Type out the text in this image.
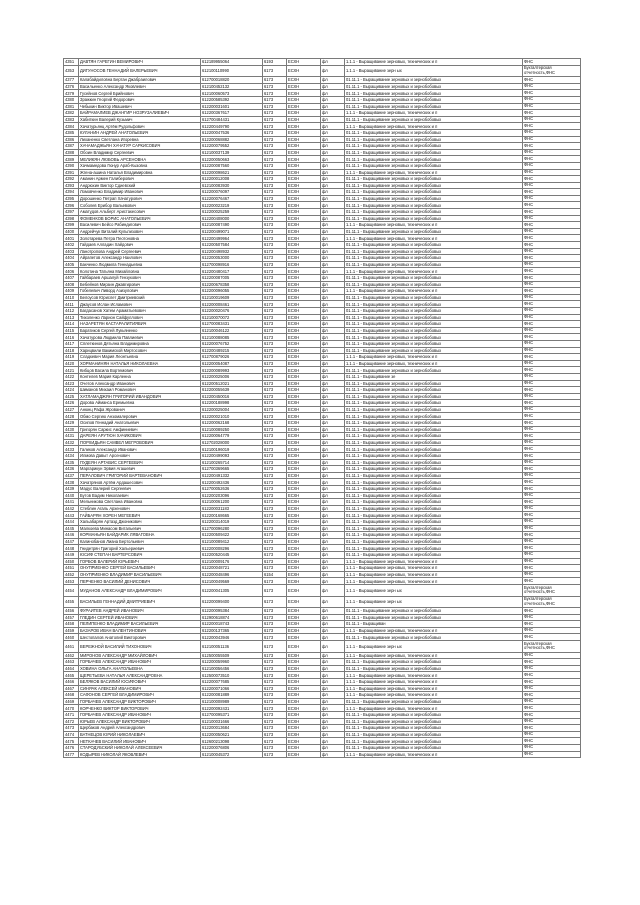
4351	ДАВТЯН ГАРЕГИН ВЕМИРОВИЧ	612189955064	6193	ЕСХН	фл	1.1.1 - Выращивание зерновых, технических и п	ФНС
4353	ДИГУНОСОВ ГЕННАДИЙ ВАЛЕРЬЕВИЧ	612100110990	6173	ЕСХН	фл	1.1.1 - Выращивание зерн ых	Бухгалтерская отчетность,ФНС
4377	Калабайдиловна Бертан Джабраилович	612700018820	6173	ЕСХН	фл	01.11.1 - Выращивание зерновых и зернобобовых	ФНС
4376	Васильенко Александр Яковлевич	612100452132	6173	ЕСХН	фл	01.11.1 - Выращивание зерновых и зернобобовых	ФНС
4379	Гусейнов Сергей Брийнович	612100060573	6173	ЕСХН	фл	01.11.1 - Выращивание зерновых и зернобобовых	ФНС
4380	Зражкин Георгий Федорович	612200585392	6173	ЕСХН	фл	01.11.1 - Выращивание зерновых и зернобобовых	ФНС
4381	Чебыкин Виктор Ивашевич	612200031601	6173	ЕСХН	фл	01.11.1 - Выращивание зерновых и зернобобовых	ФНС
4382	БАЙРАМАЛИЕВ ДЖАНГИР НОЗРУЗАЛИЕВИЧ	612200367617	6173	ЕСХН	фл	1.1.1 - Выращивание зерновых, технических и п	ФНС
4383	Хабиткин Валерий Кузьмич	612700484431	6173	ЕСХН	фл	01.11.1 - Выращивание зерновых и зернобобовых	ФНС
4384	Хачатурьянц Артём Рудольфович	612200449790	6173	ЕСХН	фл	1.1.1 - Выращивание зерновых, технических и п	ФНС
4385	КУЛАНИН АНДРЕЙ АНАТОЛЬЕВИЧ	612200047536	6173	ЕСХН	фл	01.11.1 - Выращивание зерновых и зернобобовых	ФНС
4386	Лиханенко Светлана Игоревна	612200068882	6173	ЕСХН	фл	01.11.1 - Выращивание зерновых и зернобобовых	ФНС
4387	ХАЧАМАДЖЬЯН ХАЧАТУР САРКИСОВИЧ	612200079552	6173	ЕСХН	фл	01.11.1 - Выращивание зерновых и зернобобовых	ФНС
4388	Обоин Владимир Сергеевич	612100037139	6173	ЕСХН	фл	01.11.1 - Выращивание зерновых и зернобобовых	ФНС
4389	МЕЛИКЯН ЛЮБОВЬ АРСЕНОВНА	612200050663	6173	ЕСХН	фл	01.11.1 - Выращивание зерновых и зернобобовых	ФНС
4390	Хачмамедова Гюнур Араб-Кызовна	612200087560	6173	ЕСХН	фл	01.11.1 - Выращивание зерновых и зернобобовых	ФНС
4391	Жгена-ашина Наталья Владимировна	612200098621	6173	ЕСХН	фл	1.1.1 - Выращивание зерновых, технических и п	ФНС
4392	Аманин Армен Галиберович	612200012008	6173	ЕСХН	фл	01.11.1 - Выращивание зерновых и зернобобовых	ФНС
4393	Андрюхин Виктор Сдиевский	612100083930	6173	ЕСХН	фл	01.11.1 - Выращивание зерновых и зернобобовых	ФНС
4394	Ломовченко Владимир Иванович	612200076097	6173	ЕСХН	фл	01.11.1 - Выращивание зерновых и зернобобовых	ФНС
4395	Дорошенко Петрап Хачатурович	612200076467	6173	ЕСХН	фл	01.11.1 - Выращивание зерновых и зернобобовых	ФНС
4396	Соболев Ерибор Вальевович	612200023219	6173	ЕСХН	фл	01.11.1 - Выращивание зерновых и зернобобовых	ФНС
4397	Аматудов Альберт Аристакесович	612200025259	6173	ЕСХН	фл	01.11.1 - Выращивание зерновых и зернобобовых	ФНС
4398	ФОМЕНКОВ БОРИС АНАТОЛЬЕВИЧ	612200408000	6173	ЕСХН	фл	01.11.1 - Выращивание зерновых и зернобобовых	ФНС
4399	Василевич Бейсо Рабиндигович	612100087490	6173	ЕСХН	фл	1.1.1 - Выращивание зерновых, технических и п	ФНС
4400	Андрейчук Виталий Кульпизович	612200499071	6173	ЕСХН	фл	01.11.1 - Выращивание зерновых и зернобобовых	ФНС
4401	Золотарева Петра Пеотоновна	612200499964	6173	ЕСХН	фл	1.1.1 - Выращивание зерновых, технических и п	ФНС
4402	Гайдаев Алладин Хайдович	612200507584	6173	ЕСХН	фл	01.11.1 - Выращивание зерновых и зернобобовых	ФНС
4403	Ланотропова Андрей Сергеевич	612200498932	6173	ЕСХН	фл	01.11.1 - Выращивание зерновых и зернобобовых	ФНС
4404	Айрапетов Александр Наилович	612200053000	6173	ЕСХН	фл	01.11.1 - Выращивание зерновых и зернобобовых	ФНС
4405	Бакченко Людмила Геннадьевна	612700098916	6173	ЕСХН	фл	01.11.1 - Выращивание зерновых и зернобобовых	ФНС
4406	Колотина Татьяна Михайловна	612200480417	6173	ЕСХН	фл	1.1.1 - Выращивание зерновых, технических и п	ФНС
4407	Гайбараев Аршалуй Гензукович	612200087005	6173	ЕСХН	фл	01.11.1 - Выращивание зерновых и зернобобовых	ФНС
4408	Бебейнов Мирзин Джавгирович	612200678358	6173	ЕСХН	фл	01.11.1 - Выращивание зерновых и зернобобовых	ФНС
4409	Гобелевич Ливорд Азизулович	612200096055	6173	ЕСХН	фл	1.1.1 - Выращивание зерновых, технических и п	ФНС
4410	Белоусов Юрислет Дмитриевский	612100019609	6173	ЕСХН	фл	01.11.1 - Выращивание зерновых и зернобобовых	ФНС
4411	Джаусов Ислан Исламович	612200008461	6173	ЕСХН	фл	01.11.1 - Выращивание зерновых и зернобобовых	ФНС
4412	Багдасанов Хатем Араматьевович	612200020476	6173	ЕСХН	фл	01.11.1 - Выращивание зерновых и зернобобовых	ФНС
4413	Тихоленко Ларион Сайфуллович	612100070072	6173	ЕСХН	фл	01.11.1 - Выращивание зерновых и зернобобовых	ФНС
4414	НАЗАРЕТЯН КАСТАРАЛИТИЯВИЧ	612700083431	6173	ЕСХН	фл	01.11.1 - Выращивание зерновых и зернобобовых	ФНС
4415	Баратиков Сергей Лукьяненко	612100046122	6173	ЕСХН	фл	01.11.1 - Выращивание зерновых и зернобобовых	ФНС
4416	Хачатурова Людмила Павлиевич	612100088085	6173	ЕСХН	фл	01.11.1 - Выращивание зерновых и зернобобовых	ФНС
4417	Сплеткинов Дятьяна Владимировна	612200076752	6173	ЕСХН	фл	01.11.1 - Выращивание зерновых и зернобобовых	ФНС
4418	Харицвили Вакимской Миртосович	612200489215	6173	ЕСХН	фл	01.11.1 - Выращивание зерновых и зернобобовых	ФНС
4419	Сладкевич Мария Леонтьевна	612700879026	6173	ЕСХН	фл	1.1.1 - Выращивание зерновых, технических и п	ФНС
4420	ХОРМАНИНЯН НАТАЛЬЯ НИКОЛАЕВНА	612200054087	6173	ЕСХН	фл	1.1.1 - Выращивание зерновых, технических и п	ФНС
4421	Кибцов Васила Вортемович	612200089993	6173	ЕСХН	фл	01.11.1 - Выращивание зерновых и зернобобовых	ФНС
4422	Контелев Мария Карленна	612200025006	6173	ЕСХН	фл	01.11.1 - Выращивание зе	ФНС
4423	Очетов Александр Иванович	612200512021	6173	ЕСХН	фл	01.11.1 - Выращивание зерновых и зернобобовых	ФНС
4424	Шиманов Михаил Романович	612200055639	6173	ЕСХН	фл	01.11.1 - Выращивание зерновых и зернобобовых	ФНС
4425	ХАТЛАМАДЖЯН ГРИГОРИЙ ИВАНДОВИЧ	612200450016	6173	ЕСХН	фл	01.11.1 - Выращивание зерновых и зернобобовых	ФНС
4426	Дорова Айманса Еремьевна	612200188998	6173	ЕСХН	фл	01.11.1 - Выращивание зерновых и зернобобовых	ФНС
4427	Анюнц Рафа Жрованич	612200025004	6173	ЕСХН	фл	01.11.1 - Выращивание зерновых и зернобобовых	ФНС
4428	Обмо Сергию Анзомалерович	612200021010	6173	ЕСХН	фл	01.11.1 - Выращивание зерновых и зернобобовых	ФНС
4429	Осипов Геннадий Анатольевич	612200062168	6173	ЕСХН	фл	01.11.1 - Выращивание зерновых и зернобобовых	ФНС
4430	Григорян Саркис Амфиниевич	612100089250	6173	ЕСХН	фл	01.11.1 - Выращивание зерновых и зернобобовых	ФНС
4431	ДАРЕЯН АРУТЮН ХАЧИКОВИЧ	612200064779	6173	ЕСХН	фл	01.11.1 - Выращивание зерновых и зернобобовых	ФНС
4432	ПОРХИДЬЯН САМВЕЛ МЕГРОВОВИЧ	612702028000	6173	ЕСХН	фл	01.11.1 - Выращивание зерновых и зернобобовых	ФНС
4433	Галиков Александр Иванович	612100196019	6173	ЕСХН	фл	01.11.1 - Выращивание зерновых и зернобобовых	ФНС
4434	Илмова Давыт Арсенович	612200499093	6173	ЕСХН	фл	01.11.1 - Выращивание зерновых и зернобобовых	ФНС
4435	ПУДЕЯН АРТАВИС СЕРГЕЕВИЧ	612100265714	6173	ЕСХН	фл	01.11.1 - Выращивание зерновых и зернобобовых	ФНС
4436	Маргарикун Эрвия Агашевич	612700369665	6173	ЕСХН	фл	01.11.1 - Выращивание зерновых и зернобобовых	ФНС
4437	ПЕРАЛОВИЧ ГРИГОРИЙ ВАРТЕВАНОВИЧ	612200491332	6173	ЕСХН	фл	01.11.1 - Выращивание зерновых и зернобобовых	ФНС
4438	Хачатрянов Артём Ардашесович	612200492436	6173	ЕСХН	фл	01.11.1 - Выращивание зерновых и зернобобовых	ФНС
4439	Мадус Валерий Сергеевич	612700052636	6173	ЕСХН	фл	01.11.1 - Выращивание зерновых и зернобобовых	ФНС
4440	Бутов Вадим Николаевич	612200203096	6173	ЕСХН	фл	01.11.1 - Выращивание зерновых и зернобобовых	ФНС
4441	Мельникова Светлана Ивановна	612100061200	6173	ЕСХН	фл	01.11.1 - Выращивание зерновых и зернобобовых	ФНС
4442	Стеблин Агаль Архенович	612200031183	6173	ЕСХН	фл	01.11.1 - Выращивание зерновых и зернобобовых	ФНС
4443	ГАЙБАРЯН ХОРЕН МЕГЕЕВИЧ	612200168665	6173	ЕСХН	фл	01.11.1 - Выращивание зерновых и зернобобовых	ФНС
4444	Хальабарян Артазд Джоникович	612200314019	6173	ЕСХН	фл	01.11.1 - Выращивание зерновых и зернобобовых	ФНС
4445	Малкоева Минасом Витальевич	612700096280	6173	ЕСХН	фл	01.11.1 - Выращивание зерновых и зернобобовых	ФНС
4446	КОРМАНЬЯН БАЙДАРИК ЛЯВАГОВНА	612200509422	6173	ЕСХН	фл	01.11.1 - Выращивание зерновых и зернобобовых	ФНС
4447	Калинобанов Лиана Бертольевич	612100089412	6173	ЕСХН	фл	01.11.1 - Выращивание зерновых и зернобобовых	ФНС
4448	Гнидетрян Григорий Хальериевич	612200008296	6173	ЕСХН	фл	01.11.1 - Выращивание зерновых и зернобобовых	ФНС
4449	ЮСИФ СТЕПАН ВАРТЕРСОВИЧ	612200520445	6173	ЕСХН	фл	01.11.1 - Выращивание зерновых и зернобобовых	ФНС
4450	ГОРБОВ ВАЛЕРИЙ ЮРЬЕВИЧ	612100009176	6173	ЕСХН	фл	1.1.1 - Выращивание зерновых, технических и п	ФНС
4451	ОНУПРИЕНКО СЕРГЕЙ ВАСИЛЬЕВИЧ	612200048721	6173	ЕСХН	фл	1.1.1 - Выращивание зерновых, технических и п	ФНС
4452	ОНУПРИЕНКО ВЛАДИМИР ВАСИЛЬЕВИЧ	612200048496	6154	ЕСХН	фл	1.1.1 - Выращивание зерновых, технических и п	ФНС
4453	ПЕРЧЕНКО ВАСИЛИЙ ДЕНИСОВИЧ	612100049569	6173	ЕСХН	фл	1.1.1 - Выращивание зерновых, технических и п	ФНС
4454	МУДАНОВ АЛЕКСАНДР ВЛАДИМИРОВИЧ	612200041305	6173	ЕСХН	фл	1.1.1 - Выращивание зерн ых	Бухгалтерская отчетность,ФНС
4455	ВАСИЛЬЕВ ГЕННАДИЙ ДМИТРИЕВИЧ	612200099400	6173	ЕСХН	фл	1.1.1 - Выращивание зерн ых	Бухгалтерская отчетность,ФНС
4456	ФУРАИТЕВ АНДРЕЙ ИВАНОВИЧ	612200095384	6173	ЕСХН	фл	01.11.1 - Выращивание зерновых и зернобобовых	ФНС
4457	ГЛЕДИН СЕРГЕЙ ИВАНОВИЧ	612900618874	6173	ЕСХН	фл	01.11.1 - Выращивание зерновых и зернобобовых	ФНС
4458	ПЕЛИПЕНКО ВЛАДИМИР ВАСИЛЬЕВИЧ	612200018743	6173	ЕСХН	фл	01.11.1 - Выращиван	ФНС
4459	БАЗАРОВ ИВАН ВАЛЕНТИНОВИЧ	612200137365	6173	ЕСХН	фл	1.1.1 - Выращивание зерновых, технических и п	ФНС
4460	Шестопалов Анатолий Викторович	612200043946	6173	ЕСХН	фл	01.11.1 - Выращивание зерновых и зернобобовых	ФНС
4461	ВЕРЕЖНОЙ ВАСИЛИЙ ТИХОНОВИЧ	612100051136	6173	ЕСХН	фл	1.1.1 - Выращивание зерн ых	Бухгалтерская отчетность,ФНС
4462	МИРОНОВ АЛЕКСАНДР МИХАЙЛОВИЧ	612500055509	6173	ЕСХН	фл	1.1.1 - Выращивание зерновых, технических и п	ФНС
4463	ГОРБАЧЕВ АЛЕКСАНДР ИВАНОВИЧ	612200059960	6173	ЕСХН	фл	01.11.1 - Выращивание зерновых и зернобобовых	ФНС
4464	ХОВИНА ОЛЬГА АНАТОЛЬЕВНА	612100056456	6173	ЕСХН	фл	01.11.1 - Выращивание зерновых и зернобобовых	ФНС
4465	ЩЕРЕТЬЕВА НАТАЛЬЯ АЛЕКСАНДРОВНА	612500073510	6173	ЕСХН	фл	1.1.1 - Выращивание зерновых, технических и п	ФНС
4466	БЕЛЯКОВ ВАСИЛИЙ ЮСИФОВИЧ	612200077685	6173	ЕСХН	фл	1.1.1 - Выращивание зерновых, технических и п	ФНС
4467	СИНЯЧК АЛЕКСЕЙ ИВАНОВИЧ	612200071066	6173	ЕСХН	фл	1.1.1 - Выращивание зерновых, технических и п	ФНС
4468	САФОНОВ СЕРГЕЙ ВЛАДИМИРОВИЧ	612200081889	6173	ЕСХН	фл	1.1.1 - Выращивание зерновых, технических и п	ФНС
4469	ГОРБАЧЕВ АЛЕКСАНДР ВИКТОРОВИЧ	612100008989	6173	ЕСХН	фл	01.11.1 - Выращивание зерновых и зернобобовых	ФНС
4470	КОРЧЕНКО ВИКТОР ВИКТОРОВИЧ	612200092431	6173	ЕСХН	фл	1.1.1 - Выращивание зерновых, технических и п	ФНС
4471	ГОРБАЧЕВ АЛЕКСАНДР ИВАНОВИЧ	612700095371	6173	ЕСХН	фл	01.11.1 - Выращивание зерновых и зернобобовых	ФНС
4472	ЮРЬЕВ АЛЕКСАНДР ВИКТОРОВИЧ	612100031666	6173	ЕСХН	фл	01.11.1 - Выращивание зерновых и зернобобовых	ФНС
4473	Щербаков Андрей Александрович	612200013684	6173	ЕСХН	фл	01.11.1 - Выращивание зерновых и зернобобовых	ФНС
4474	ВАТНЕЦОВ ЮРИЙ НИКОЛАЕВИЧ	612200050621	6173	ЕСХН	фл	01.11.1 - Выращивание зерновых и зернобобовых	ФНС
4475	НЕТКАЧЕВ ВАСИЛИЙ ИВАНОВИЧ	612600213098	6173	ЕСХН	фл	01.11.1 - Выращивание зерновых и зернобобовых	ФНС
4476	СТАРОДУБСКИЙ НИКОЛАЙ АЛЕКСЕЕВИЧ	612200076806	6173	ЕСХН	фл	01.11.1 - Выращивание зерновых и зернобобовых	ФНС
4477	КОДЫРЕВ НИКОЛАЙ ЯКОВЛЕВИЧ	612100045372	6173	ЕСХН	фл	1.1.1 - Выращивание зерновых, технических и п	ФНС
